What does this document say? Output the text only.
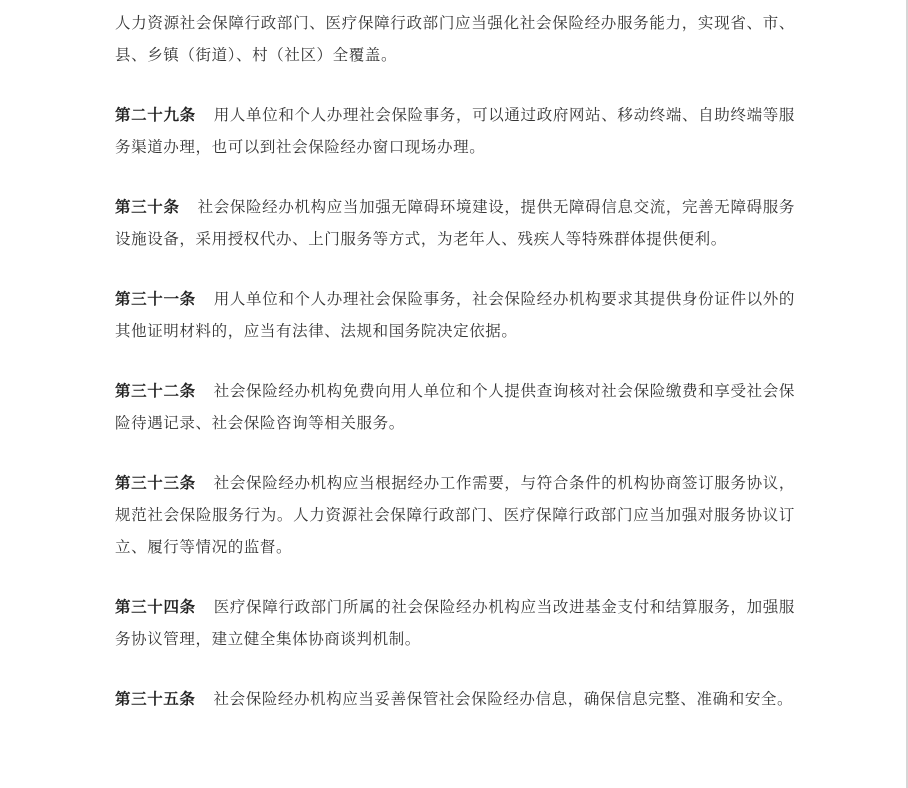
人力资源社会保障行政部门、医疗保障行政部门应当强化社会保险经办服务能力，实现省、市、县、乡镇（街道）、村（社区）全覆盖。

第二十九条 用人单位和个人办理社会保险事务，可以通过政府网站、移动终端、自助终端等服务渠道办理，也可以到社会保险经办窗口现场办理。

第三十条 社会保险经办机构应当加强无障碍环境建设，提供无障碍信息交流，完善无障碍服务设施设备，采用授权代办、上门服务等方式，为老年人、残疾人等特殊群体提供便利。

第三十一条 用人单位和个人办理社会保险事务，社会保险经办机构要求其提供身份证件以外的其他证明材料的，应当有法律、法规和国务院决定依据。

第三十二条 社会保险经办机构免费向用人单位和个人提供查询核对社会保险缴费和享受社会保险待遇记录、社会保险咨询等相关服务。

第三十三条 社会保险经办机构应当根据经办工作需要，与符合条件的机构协商签订服务协议，规范社会保险服务行为。人力资源社会保障行政部门、医疗保障行政部门应当加强对服务协议订立、履行等情况的监督。

第三十四条 医疗保障行政部门所属的社会保险经办机构应当改进基金支付和结算服务，加强服务协议管理，建立健全集体协商谈判机制。

第三十五条 社会保险经办机构应当妥善保管社会保险经办信息，确保信息完整、准确和安全。
